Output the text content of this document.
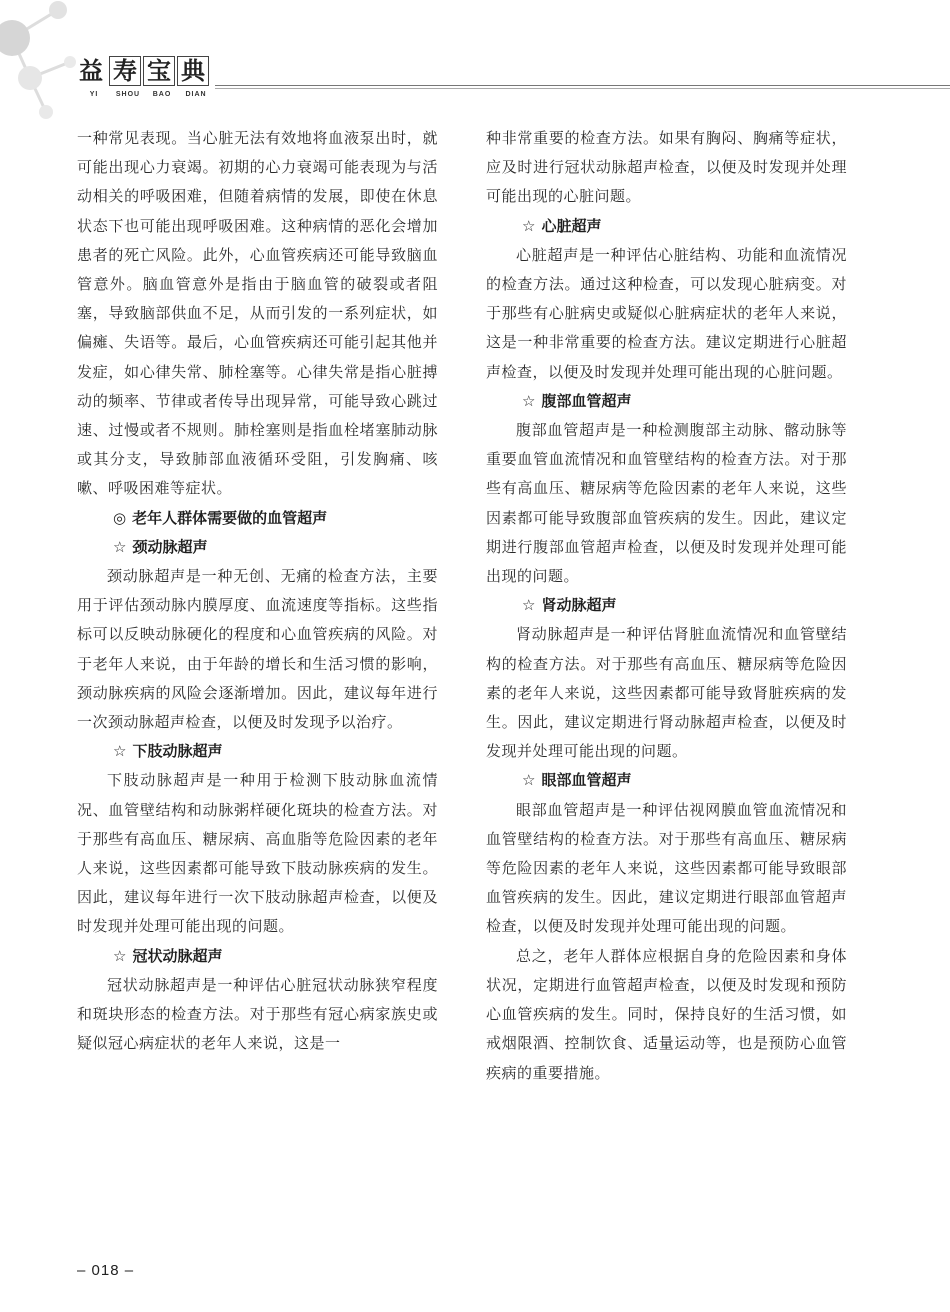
益 寿 宝 典
YI	SHOU	BAO	DIAN

一种常见表现。当心脏无法有效地将血液泵出时，就可能出现心力衰竭。初期的心力衰竭可能表现为与活动相关的呼吸困难，但随着病情的发展，即使在休息状态下也可能出现呼吸困难。这种病情的恶化会增加患者的死亡风险。此外，心血管疾病还可能导致脑血管意外。脑血管意外是指由于脑血管的破裂或者阻塞，导致脑部供血不足，从而引发的一系列症状，如偏瘫、失语等。最后，心血管疾病还可能引起其他并发症，如心律失常、肺栓塞等。心律失常是指心脏搏动的频率、节律或者传导出现异常，可能导致心跳过速、过慢或者不规则。肺栓塞则是指血栓堵塞肺动脉或其分支，导致肺部血液循环受阻，引发胸痛、咳嗽、呼吸困难等症状。

◎ 老年人群体需要做的血管超声

☆ 颈动脉超声

颈动脉超声是一种无创、无痛的检查方法，主要用于评估颈动脉内膜厚度、血流速度等指标。这些指标可以反映动脉硬化的程度和心血管疾病的风险。对于老年人来说，由于年龄的增长和生活习惯的影响，颈动脉疾病的风险会逐渐增加。因此，建议每年进行一次颈动脉超声检查，以便及时发现予以治疗。

☆ 下肢动脉超声

下肢动脉超声是一种用于检测下肢动脉血流情况、血管壁结构和动脉粥样硬化斑块的检查方法。对于那些有高血压、糖尿病、高血脂等危险因素的老年人来说，这些因素都可能导致下肢动脉疾病的发生。因此，建议每年进行一次下肢动脉超声检查，以便及时发现并处理可能出现的问题。

☆ 冠状动脉超声

冠状动脉超声是一种评估心脏冠状动脉狭窄程度和斑块形态的检查方法。对于那些有冠心病家族史或疑似冠心病症状的老年人来说，这是一

种非常重要的检查方法。如果有胸闷、胸痛等症状，应及时进行冠状动脉超声检查，以便及时发现并处理可能出现的心脏问题。

☆ 心脏超声

心脏超声是一种评估心脏结构、功能和血流情况的检查方法。通过这种检查，可以发现心脏病变。对于那些有心脏病史或疑似心脏病症状的老年人来说，这是一种非常重要的检查方法。建议定期进行心脏超声检查，以便及时发现并处理可能出现的心脏问题。

☆ 腹部血管超声

腹部血管超声是一种检测腹部主动脉、髂动脉等重要血管血流情况和血管壁结构的检查方法。对于那些有高血压、糖尿病等危险因素的老年人来说，这些因素都可能导致腹部血管疾病的发生。因此，建议定期进行腹部血管超声检查，以便及时发现并处理可能出现的问题。

☆ 肾动脉超声

肾动脉超声是一种评估肾脏血流情况和血管壁结构的检查方法。对于那些有高血压、糖尿病等危险因素的老年人来说，这些因素都可能导致肾脏疾病的发生。因此，建议定期进行肾动脉超声检查，以便及时发现并处理可能出现的问题。

☆ 眼部血管超声

眼部血管超声是一种评估视网膜血管血流情况和血管壁结构的检查方法。对于那些有高血压、糖尿病等危险因素的老年人来说，这些因素都可能导致眼部血管疾病的发生。因此，建议定期进行眼部血管超声检查，以便及时发现并处理可能出现的问题。

总之，老年人群体应根据自身的危险因素和身体状况，定期进行血管超声检查，以便及时发现和预防心血管疾病的发生。同时，保持良好的生活习惯，如戒烟限酒、控制饮食、适量运动等，也是预防心血管疾病的重要措施。

– 018 –
